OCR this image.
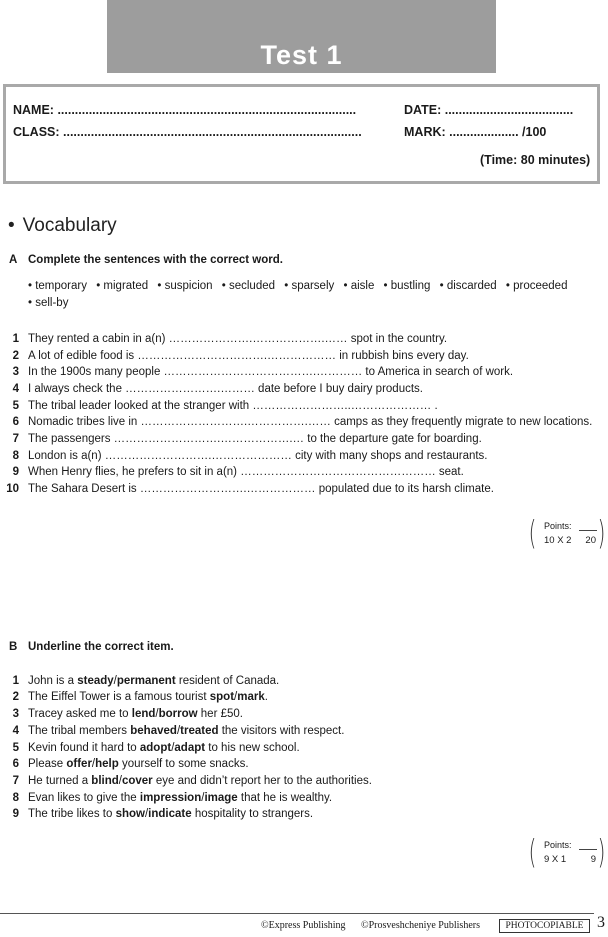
Test 1
NAME: ......................................................................................	DATE: .....................................
CLASS: ......................................................................................	MARK: .................... /100
(Time: 80 minutes)
• Vocabulary
A Complete the sentences with the correct word.
• temporary • migrated • suspicion • secluded • sparsely • aisle • bustling • discarded • proceeded • sell-by
1 They rented a cabin in a(n) ………………….……………….…… spot in the country.
2 A lot of edible food is …………………………….……………… in rubbish bins every day.
3 In the 1900s many people ………………………………….………… to America in search of work.
4 I always check the …………………….……… date before I buy dairy products.
5 The tribal leader looked at the stranger with ……………………..………………… .
6 Nomadic tribes live in ……………………….…………….…… camps as they frequently migrate to new locations.
7 The passengers ……………………….……………….… to the departure gate for boarding.
8 London is a(n) ……………………….………………… city with many shops and restaurants.
9 When Henry flies, he prefers to sit in a(n) …………………………………………… seat.
10 The Sahara Desert is ……………………….……………… populated due to its harsh climate.
( Points:
10 X 2 20 )
B Underline the correct item.
1 John is a steady/permanent resident of Canada.
2 The Eiffel Tower is a famous tourist spot/mark.
3 Tracey asked me to lend/borrow her £50.
4 The tribal members behaved/treated the visitors with respect.
5 Kevin found it hard to adopt/adapt to his new school.
6 Please offer/help yourself to some snacks.
7 He turned a blind/cover eye and didn’t report her to the authorities.
8 Evan likes to give the impression/image that he is wealthy.
9 The tribe likes to show/indicate hospitality to strangers.
( Points:
9 X 1	9 )
©Express Publishing ©Prosveshcheniye Publishers	PHOTOCOPIABLE 3
